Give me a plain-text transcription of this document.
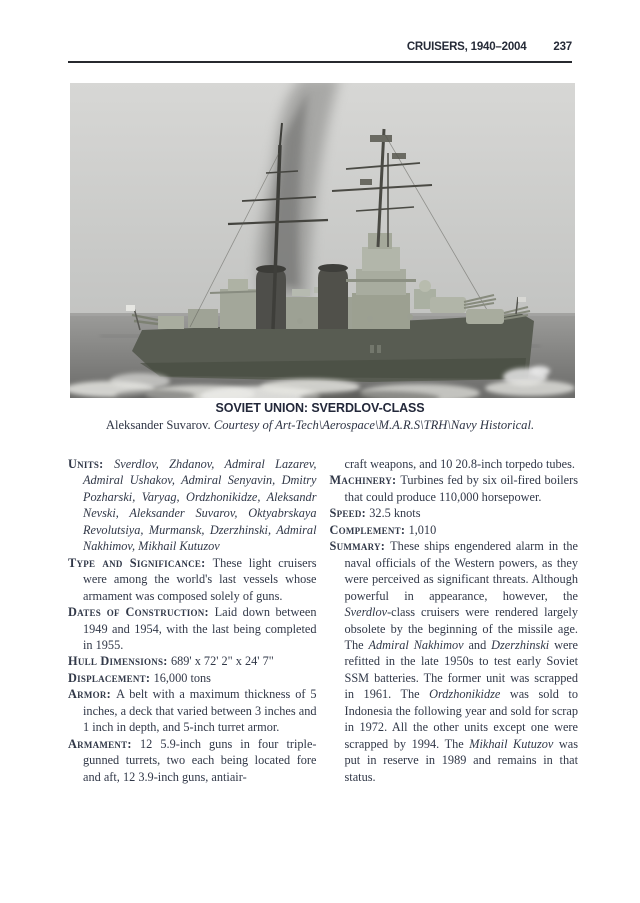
CRUISERS, 1940–2004 237
SOVIET UNION: SVERDLOV-CLASS
Aleksander Suvarov. Courtesy of Art-Tech\Aerospace\M.A.R.S\TRH\Navy Historical.
Units: Sverdlov, Zhdanov, Admiral Lazarev, Admiral Ushakov, Admiral Senyavin, Dmitry Pozharski, Varyag, Ordzhonikidze, Aleksandr Nevski, Aleksander Suvarov, Oktyabrskaya Revolutsiya, Murmansk, Dzerzhinski, Admiral Nakhimov, Mikhail Kutuzov
Type and Significance: These light cruisers were among the world's last vessels whose armament was composed solely of guns.
Dates of Construction: Laid down between 1949 and 1954, with the last being completed in 1955.
Hull Dimensions: 689' x 72' 2" x 24' 7"
Displacement: 16,000 tons
Armor: A belt with a maximum thickness of 5 inches, a deck that varied between 3 inches and 1 inch in depth, and 5-inch turret armor.
Armament: 12 5.9-inch guns in four triple-gunned turrets, two each being located fore and aft, 12 3.9-inch guns, antiair-
craft weapons, and 10 20.8-inch torpedo tubes.
Machinery: Turbines fed by six oil-fired boilers that could produce 110,000 horsepower.
Speed: 32.5 knots
Complement: 1,010
Summary: These ships engendered alarm in the naval officials of the Western powers, as they were perceived as significant threats. Although powerful in appearance, however, the Sverdlov-class cruisers were rendered largely obsolete by the beginning of the missile age. The Admiral Nakhimov and Dzerzhinski were refitted in the late 1950s to test early Soviet SSM batteries. The former unit was scrapped in 1961. The Ordzhonikidze was sold to Indonesia the following year and sold for scrap in 1972. All the other units except one were scrapped by 1994. The Mikhail Kutuzov was put in reserve in 1989 and remains in that status.
